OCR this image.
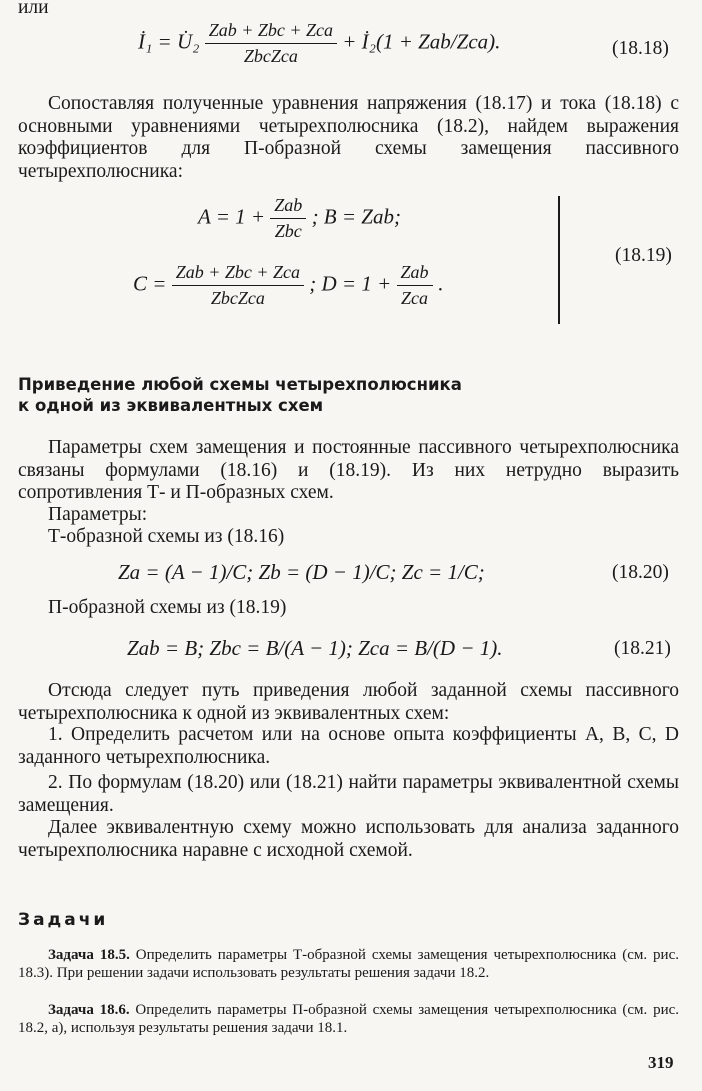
или
İ₁ = U̇₂ $\frac{\text{Zab + Zbc + Zca}}{\text{ZbcZca}}$ + İ₂(1 + Zab/Zca).	(18.18)
Сопоставляя полученные уравнения напряжения (18.17) и тока (18.18) с основными уравнениями четырехполюсника (18.2), найдем выражения коэффициентов для П-образной схемы замещения пассивного четырехполюсника:
$A = 1 + \frac{\text{Zab}}{\text{Zbc}}$ ; B = Zab;
$C = \frac{\text{Zab + Zbc + Zca}}{\text{ZbcZca}}$ ; $D = 1 + \frac{\text{Zab}}{\text{Zca}}$ .
(18.19)
Приведение любой схемы четырехполюсника к одной из эквивалентных схем
Параметры схем замещения и постоянные пассивного четырехполюсника связаны формулами (18.16) и (18.19). Из них нетрудно выразить сопротивления Т- и П-образных схем.
Параметры:
Т-образной схемы из (18.16)
Za = (A − 1)/C; Zb = (D − 1)/C; Zc = 1/C;	(18.20)
П-образной схемы из (18.19)
Zab = B; Zbc = B/(A − 1); Zca = B/(D − 1).	(18.21)
Отсюда следует путь приведения любой заданной схемы пассивного четырехполюсника к одной из эквивалентных схем:
1. Определить расчетом или на основе опыта коэффициенты A, B, C, D заданного четырехполюсника.
2. По формулам (18.20) или (18.21) найти параметры эквивалентной схемы замещения.
Далее эквивалентную схему можно использовать для анализа заданного четырехполюсника наравне с исходной схемой.
Задачи
Задача 18.5. Определить параметры Т-образной схемы замещения четырехполюсника (см. рис. 18.3). При решении задачи использовать результаты решения задачи 18.2.
Задача 18.6. Определить параметры П-образной схемы замещения четырехполюсника (см. рис. 18.2, a), используя результаты решения задачи 18.1.
319
